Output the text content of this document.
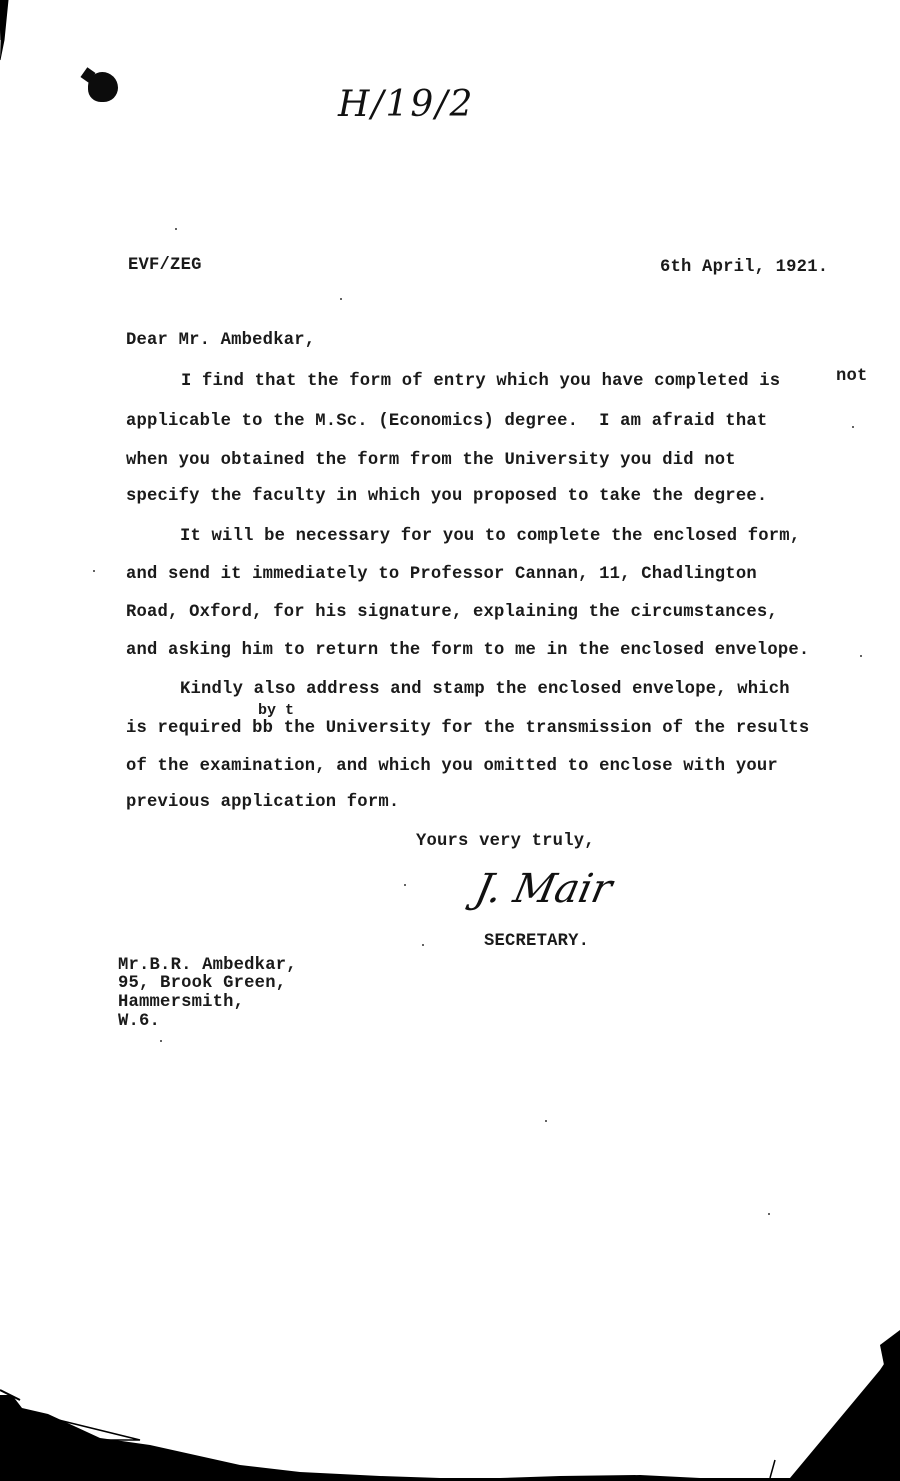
H/19/2
EVF/ZEG	6th April, 1921.
Dear Mr. Ambedkar,
I find that the form of entry which you have completed is	not
applicable to the M.Sc. (Economics) degree.  I am afraid that
when you obtained the form from the University you did not
specify the faculty in which you proposed to take the degree.
It will be necessary for you to complete the enclosed form,
and send it immediately to Professor Cannan, 11, Chadlington
Road, Oxford, for his signature, explaining the circumstances,
and asking him to return the form to me in the enclosed envelope.
Kindly also address and stamp the enclosed envelope, which
by t
is required bb the University for the transmission of the results
of the examination, and which you omitted to enclose with your
previous application form.
Yours very truly,
J. Mair
SECRETARY.
Mr.B.R. Ambedkar,
95, Brook Green,
Hammersmith,
W.6.
